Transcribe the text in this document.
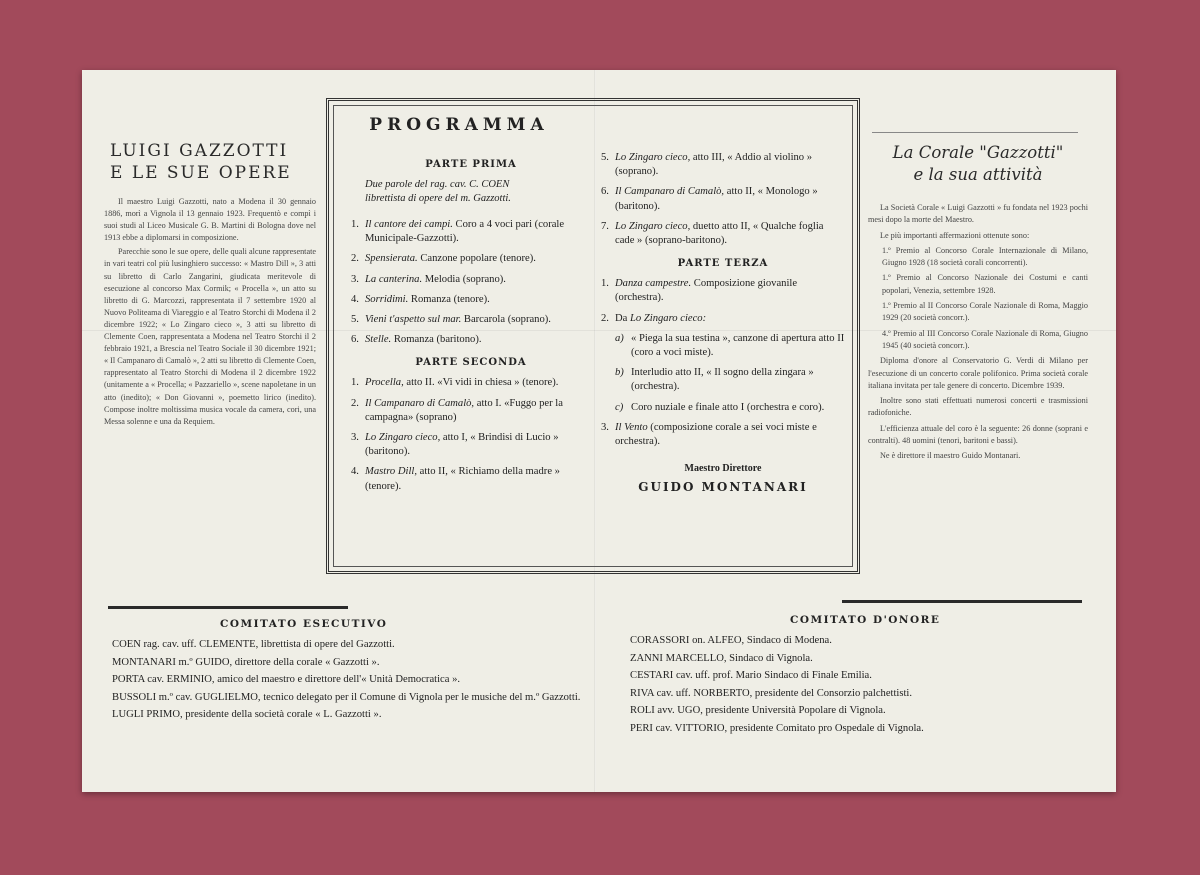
LUIGI GAZZOTTI
E LE SUE OPERE

Il maestro Luigi Gazzotti, nato a Modena il 30 gennaio 1886, morì a Vignola il 13 gennaio 1923. Frequentò e compì i suoi studi al Liceo Musicale G. B. Martini di Bologna dove nel 1913 ebbe a diplomarsi in composizione.

Parecchie sono le sue opere, delle quali alcune rappresentate in vari teatri col più lusinghiero successo: « Mastro Dill », 3 atti su libretto di Carlo Zangarini, giudicata meritevole di esecuzione al concorso Max Cormik; « Procella », un atto su libretto di G. Marcozzi, rappresentata il 7 settembre 1920 al Nuovo Politeama di Viareggio e al Teatro Storchi di Modena il 2 dicembre 1922; « Lo Zingaro cieco », 3 atti su libretto di Clemente Coen, rappresentata a Modena nel Teatro Storchi il 2 febbraio 1921, a Brescia nel Teatro Sociale il 30 dicembre 1921; « Il Campanaro di Camalò », 2 atti su libretto di Clemente Coen, rappresentato al Teatro Storchi di Modena il 2 dicembre 1922 (unitamente a « Procella; « Pazzariello », scene napoletane in un atto (inedito); « Don Giovanni », poemetto lirico (inedito). Compose inoltre moltissima musica vocale da camera, cori, una Messa solenne e una da Requiem.

PROGRAMMA
PARTE PRIMA
Due parole del rag. cav. C. COEN
librettista di opere del m. Gazzotti.
1. Il cantore dei campi. Coro a 4 voci pari (corale Municipale-Gazzotti).
2. Spensierata. Canzone popolare (tenore).
3. La canterina. Melodia (soprano).
4. Sorridimi. Romanza (tenore).
5. Vieni t'aspetto sul mar. Barcarola (soprano).
6. Stelle. Romanza (baritono).
PARTE SECONDA
1. Procella, atto II. «Vi vidi in chiesa » (tenore).
2. Il Campanaro di Camalò, atto I. «Fuggo per la campagna» (soprano)
3. Lo Zingaro cieco, atto I, « Brindisi di Lucio » (baritono).
4. Mastro Dill, atto II, « Richiamo della madre » (tenore).
5. Lo Zingaro cieco, atto III, « Addio al violino » (soprano).
6. Il Campanaro di Camalò, atto II, « Monologo » (baritono).
7. Lo Zingaro cieco, duetto atto II, « Qualche foglia cade » (soprano-baritono).
PARTE TERZA
1. Danza campestre. Composizione giovanile (orchestra).
2. Da Lo Zingaro cieco:
a) « Piega la sua testina », canzone di apertura atto II (coro a voci miste).
b) Interludio atto II, « Il sogno della zingara » (orchestra).
c) Coro nuziale e finale atto I (orchestra e coro).
3. Il Vento (composizione corale a sei voci miste e orchestra).
Maestro Direttore
GUIDO MONTANARI
La Corale "Gazzotti"
e la sua attività

La Società Corale « Luigi Gazzotti » fu fondata nel 1923 pochi mesi dopo la morte del Maestro.

Le più importanti affermazioni ottenute sono:

1.º Premio al Concorso Corale Internazionale di Milano, Giugno 1928 (18 società corali concorrenti).

1.º Premio al Concorso Nazionale dei Costumi e canti popolari, Venezia, settembre 1928.

1.º Premio al II Concorso Corale Nazionale di Roma, Maggio 1929 (20 società concorr.).

4.º Premio al III Concorso Corale Nazionale di Roma, Giugno 1945 (40 società concorr.).

Diploma d'onore al Conservatorio G. Verdi di Milano per l'esecuzione di un concerto corale polifonico. Prima società corale italiana invitata per tale genere di concerto. Dicembre 1939.

Inoltre sono stati effettuati numerosi concerti e trasmissioni radiofoniche.

L'efficienza attuale del coro è la seguente: 26 donne (soprani e contralti). 48 uomini (tenori, baritoni e bassi).

Ne è direttore il maestro Guido Montanari.

COMITATO ESECUTIVO
COEN rag. cav. uff. CLEMENTE, librettista di opere del Gazzotti.
MONTANARI m.º GUIDO, direttore della corale « Gazzotti ».
PORTA cav. ERMINIO, amico del maestro e direttore dell'« Unità Democratica ».
BUSSOLI m.º cav. GUGLIELMO, tecnico delegato per il Comune di Vignola per le musiche del m.º Gazzotti.
LUGLI PRIMO, presidente della società corale « L. Gazzotti ».
COMITATO D'ONORE
CORASSORI on. ALFEO, Sindaco di Modena.
ZANNI MARCELLO, Sindaco di Vignola.
CESTARI cav. uff. prof. Mario Sindaco di Finale Emilia.
RIVA cav. uff. NORBERTO, presidente del Consorzio palchettisti.
ROLI avv. UGO, presidente Università Popolare di Vignola.
PERI cav. VITTORIO, presidente Comitato pro Ospedale di Vignola.
